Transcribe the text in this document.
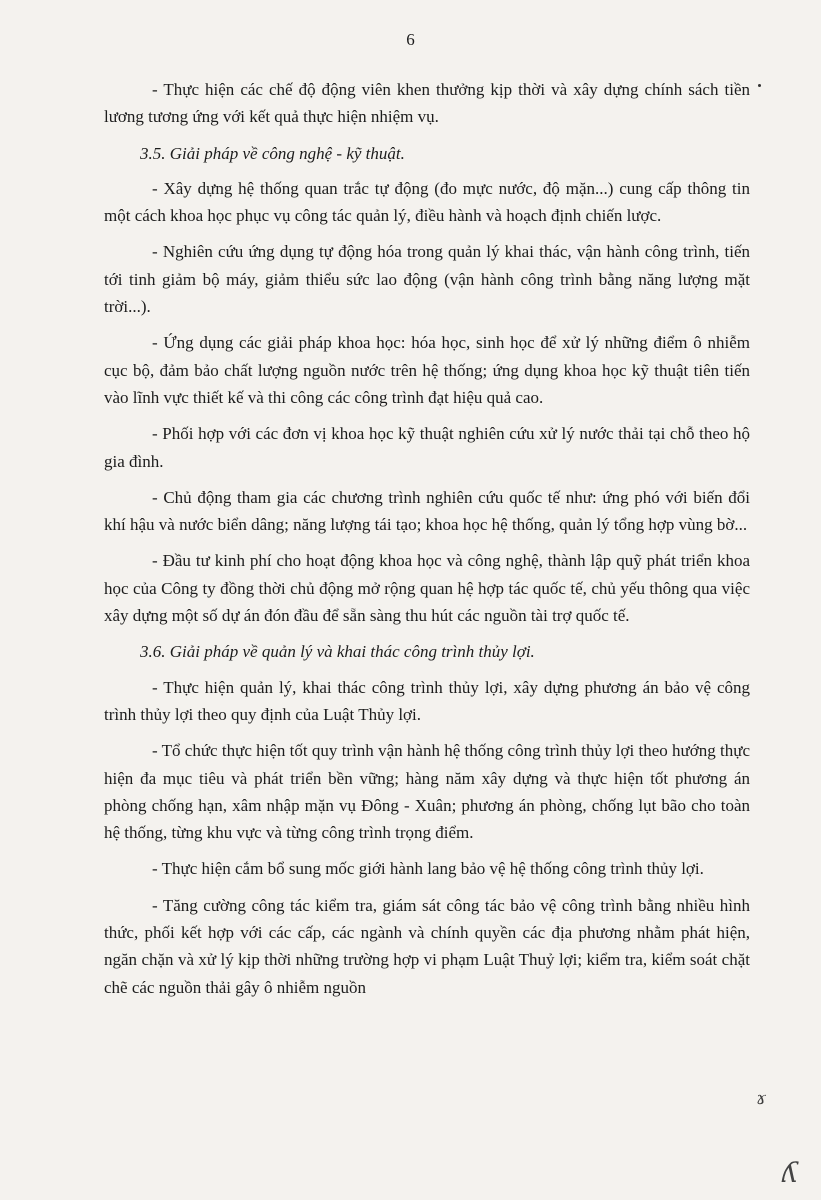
6

- Thực hiện các chế độ động viên khen thưởng kịp thời và xây dựng chính sách tiền lương tương ứng với kết quả thực hiện nhiệm vụ.

3.5. Giải pháp về công nghệ - kỹ thuật.

- Xây dựng hệ thống quan trắc tự động (đo mực nước, độ mặn...) cung cấp thông tin một cách khoa học phục vụ công tác quản lý, điều hành và hoạch định chiến lược.

- Nghiên cứu ứng dụng tự động hóa trong quản lý khai thác, vận hành công trình, tiến tới tinh giảm bộ máy, giảm thiểu sức lao động (vận hành công trình bằng năng lượng mặt trời...).

- Ứng dụng các giải pháp khoa học: hóa học, sinh học để xử lý những điểm ô nhiễm cục bộ, đảm bảo chất lượng nguồn nước trên hệ thống; ứng dụng khoa học kỹ thuật tiên tiến vào lĩnh vực thiết kế và thi công các công trình đạt hiệu quả cao.

- Phối hợp với các đơn vị khoa học kỹ thuật nghiên cứu xử lý nước thải tại chỗ theo hộ gia đình.

- Chủ động tham gia các chương trình nghiên cứu quốc tế như: ứng phó với biến đổi khí hậu và nước biển dâng; năng lượng tái tạo; khoa học hệ thống, quản lý tổng hợp vùng bờ...

- Đầu tư kinh phí cho hoạt động khoa học và công nghệ, thành lập quỹ phát triển khoa học của Công ty đồng thời chủ động mở rộng quan hệ hợp tác quốc tế, chủ yếu thông qua việc xây dựng một số dự án đón đầu để sẵn sàng thu hút các nguồn tài trợ quốc tế.

3.6. Giải pháp về quản lý và khai thác công trình thủy lợi.

- Thực hiện quản lý, khai thác công trình thủy lợi, xây dựng phương án bảo vệ công trình thủy lợi theo quy định của Luật Thủy lợi.

- Tổ chức thực hiện tốt quy trình vận hành hệ thống công trình thủy lợi theo hướng thực hiện đa mục tiêu và phát triển bền vững; hàng năm xây dựng và thực hiện tốt phương án phòng chống hạn, xâm nhập mặn vụ Đông - Xuân; phương án phòng, chống lụt bão cho toàn hệ thống, từng khu vực và từng công trình trọng điểm.

- Thực hiện cắm bổ sung mốc giới hành lang bảo vệ hệ thống công trình thủy lợi.

- Tăng cường công tác kiểm tra, giám sát công tác bảo vệ công trình bằng nhiều hình thức, phối kết hợp với các cấp, các ngành và chính quyền các địa phương nhằm phát hiện, ngăn chặn và xử lý kịp thời những trường hợp vi phạm Luật Thuỷ lợi; kiểm tra, kiểm soát chặt chẽ các nguồn thải gây ô nhiễm nguồn

ɤ
ʎ
